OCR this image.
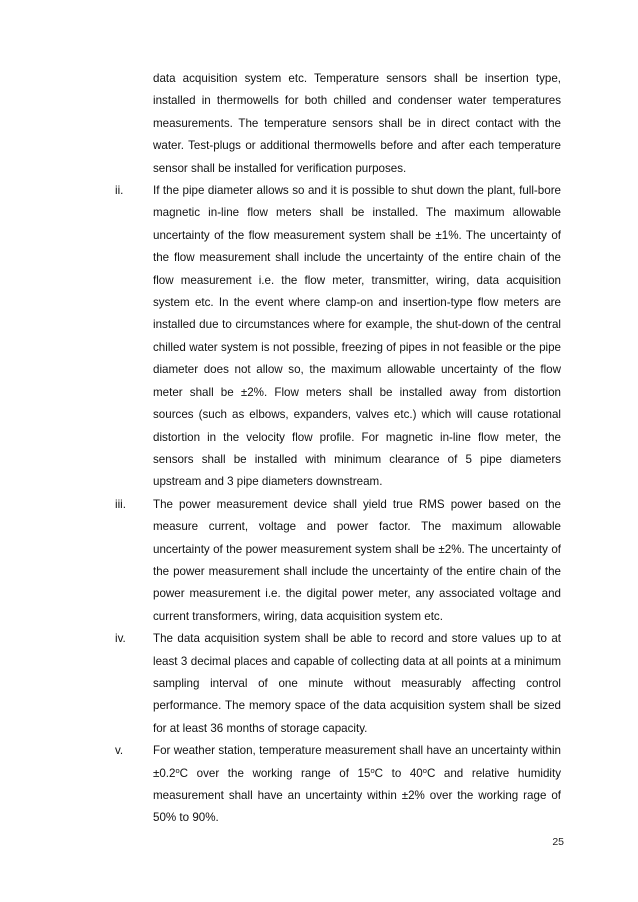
data acquisition system etc. Temperature sensors shall be insertion type, installed in thermowells for both chilled and condenser water temperatures measurements. The temperature sensors shall be in direct contact with the water. Test-plugs or additional thermowells before and after each temperature sensor shall be installed for verification purposes.
ii.	If the pipe diameter allows so and it is possible to shut down the plant, full-bore magnetic in-line flow meters shall be installed. The maximum allowable uncertainty of the flow measurement system shall be ±1%. The uncertainty of the flow measurement shall include the uncertainty of the entire chain of the flow measurement i.e. the flow meter, transmitter, wiring, data acquisition system etc. In the event where clamp-on and insertion-type flow meters are installed due to circumstances where for example, the shut-down of the central chilled water system is not possible, freezing of pipes in not feasible or the pipe diameter does not allow so, the maximum allowable uncertainty of the flow meter shall be ±2%. Flow meters shall be installed away from distortion sources (such as elbows, expanders, valves etc.) which will cause rotational distortion in the velocity flow profile. For magnetic in-line flow meter, the sensors shall be installed with minimum clearance of 5 pipe diameters upstream and 3 pipe diameters downstream.
iii.	The power measurement device shall yield true RMS power based on the measure current, voltage and power factor. The maximum allowable uncertainty of the power measurement system shall be ±2%. The uncertainty of the power measurement shall include the uncertainty of the entire chain of the power measurement i.e. the digital power meter, any associated voltage and current transformers, wiring, data acquisition system etc.
iv.	The data acquisition system shall be able to record and store values up to at least 3 decimal places and capable of collecting data at all points at a minimum sampling interval of one minute without measurably affecting control performance. The memory space of the data acquisition system shall be sized for at least 36 months of storage capacity.
v.	For weather station, temperature measurement shall have an uncertainty within $\pm 0.2^oC$ over the working range of 15$^o$C to 40$^o$C and relative humidity measurement shall have an uncertainty within ±2% over the working rage of 50% to 90%.
25
